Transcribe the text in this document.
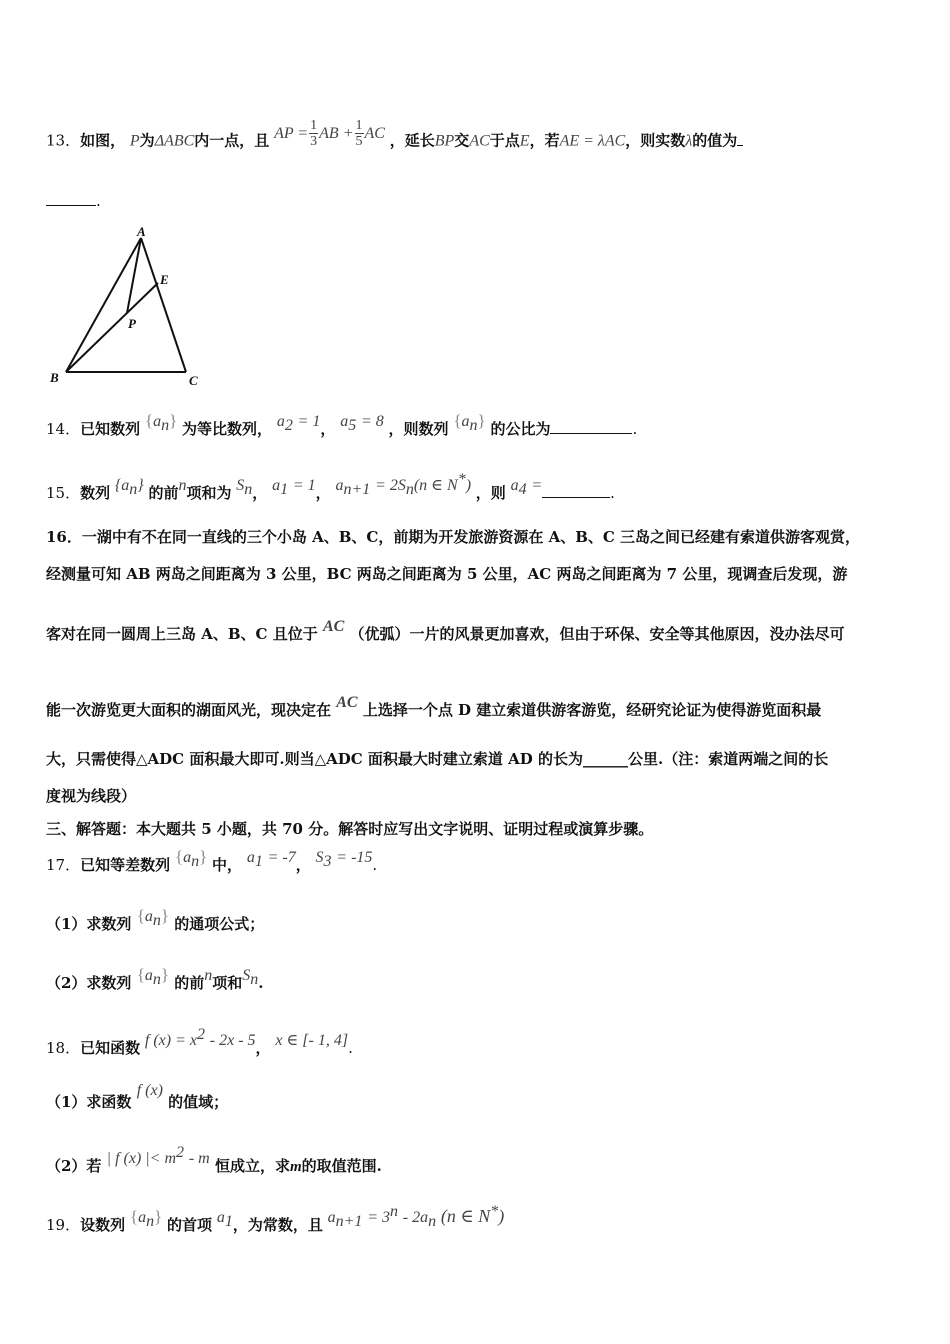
13．如图， P为ΔABC内一点，且 AP = $\frac{1}{3}$ AB + $\frac{1}{5}$ AC ，延长BP交AC于点E，若AE = λAC，则实数λ的值为
.
A
E
P
B	C
14．已知数列 $\{a_n\}$ 为等比数列， $a_2 = 1$， $a_5 = 8$ ，则数列 $\{a_n\}$ 的公比为	.
15．数列 $\{a_n\}$ 的前n项和为 $S_n$， $a_1 = 1$， $a_{n+1} = 2S_n(n$ ∈ N*) ，则 $a_4$ =	.
16．一湖中有不在同一直线的三个小岛 A、B、C，前期为开发旅游资源在 A、B、C 三岛之间已经建有索道供游客观赏，
经测量可知 AB 两岛之间距离为 3 公里，BC 两岛之间距离为 5 公里，AC 两岛之间距离为 7 公里，现调查后发现，游
客对在同一圆周上三岛 A、B、C 且位于 AC （优弧）一片的风景更加喜欢，但由于环保、安全等其他原因，没办法尽可
能一次游览更大面积的湖面风光，现决定在 AC 上选择一个点 D 建立索道供游客游览，经研究论证为使得游览面积最
大，只需使得△ADC 面积最大即可.则当△ADC 面积最大时建立索道 AD 的长为______公里.（注：索道两端之间的长
度视为线段）
三、解答题：本大题共 5 小题，共 70 分。解答时应写出文字说明、证明过程或演算步骤。
17．已知等差数列 $\{a_n\}$ 中， $a_1 = -7$， $S_3 = -15$.
（1）求数列 $\{a_n\}$ 的通项公式；
（2）求数列 $\{a_n\}$ 的前n项和$S_n$.
18．已知函数 f $(x) = x^2 - 2x - 5$， x ∈ [- 1, 4].
（1）求函数 f (x) 的值域；
（2）若 | f (x) |< $m^2$ - m 恒成立，求m的取值范围.
19．设数列 $\{a_n\}$ 的首项 $a_1$，为常数，且 $a_{n+1} = 3^n - 2a_n$ (n ∈ N*)
